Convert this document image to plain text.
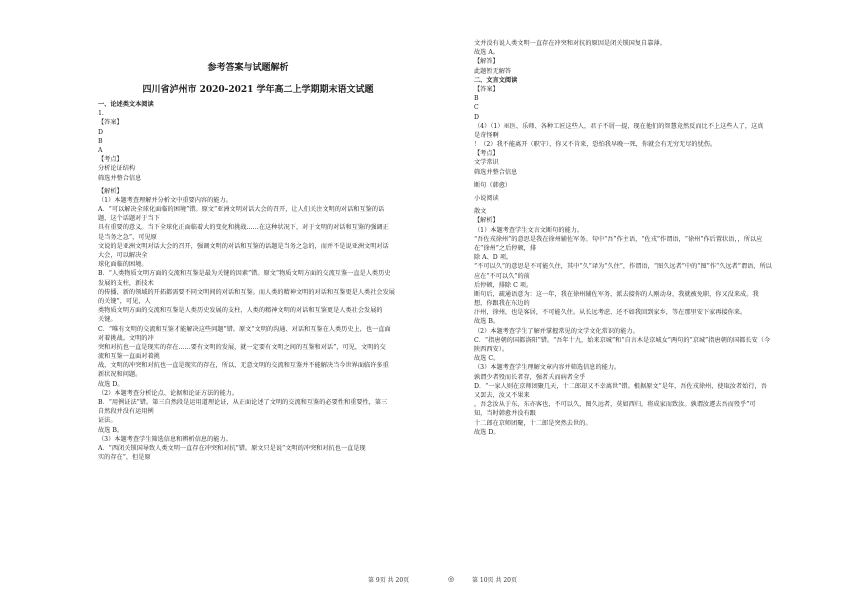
参考答案与试题解析

四川省泸州市 2020-2021 学年高二上学期期末语文试题

一、论述类文本阅读
1.
【答案】
D
B
A
【考点】
分析论证结构
筛选并整合信息
【解析】
（1）本题考查理解并分析文中重要内容的能力。
A．“可以解决全球化面临的困境”错。原文“亚洲文明对话大会的召开，让人们关注文明的对话和互鉴的话
题，这个话题对于当下
具有重要的意义。当下全球化正面临着大的变化和挑战……在这种状况下，对于文明的对话和互鉴的强调正
是当务之急”，可见原
文说的是亚洲文明对话大会的召开，强调文明的对话和互鉴的话题是当务之急的，而并不是说亚洲文明对话
大会，可以解决全
球化面临的困境。
B．“人类物质文明方面的交流和互鉴是最为关键的因素”错。原文“物质文明方面的交流互鉴一直是人类历史
发展的支柱，新技术
的传播、新的领域的开拓都需要不同文明间的对话和互鉴。而人类的精神文明的对话和互鉴更是人类社会发展
的关键”，可见，人
类物质文明方面的交流和互鉴是人类历史发展的支柱，人类的精神文明的对话和互鉴更是人类社会发展的
关键。
C．“唯有文明的交流和互鉴才能解决这些问题”错。原文“文明的沟通、对话和互鉴在人类历史上，也一直面
对着挑战。文明的冲
突和对抗也一直是现实的存在……要有文明的发展，就一定要有文明之间的互鉴和对话”，可见，文明的交
流和互鉴一直面对着挑
战，文明的冲突和对抗也一直是现实的存在，所以，无意文明的交流和互鉴并不能解决当今世界面临许多重
新状况和问题。
故选 D。
（2）本题考查分析论点、论据和论证方法的能力。
B．“用例证法”错。第三自然段是运用道理论证，从正面论述了文明的交流和互鉴的必要性和重要性，第三
自然段并没有运用例
证法。
故选 B。
（3）本题考查学生筛选信息和辨析信息的能力。
A．“西闭关锁国导致人类文明一直存在冲突和对抗”错。原文只是说“文明的冲突和对抗也一直是现
实的存在”，但是原
文并没有说人类文明一直存在冲突和对抗的原因是闭关锁国复自靠薄。
故选 A。
【解答】
此题暂无解答
二、文言文阅读
【答案】
B
C
D
（4）（1）巫医、乐师、各种工匠这些人，君子不屑一提，现在他们的智慧竟然反而比不上这些人了，这真
是奇怪啊
！（2）我不能离开（职守），你又不肯来，恐怕我早晚一死，你就会有无穷无尽的忧伤。
【考点】
文学常识
筛选并整合信息
断句（韩愈）
小说阅读
散文
【解析】
（1）本题考查学生文言文断句的能力。
“吾佐戎徐州”的意思是我在徐州辅佐军务。句中“吾”作主语，“佐戎”作谓语，“徐州”作后置状语，，所以应
在“徐州”之后停顿，排
除 A、D 项。
“不可以久”的意思是不可能久住，其中“久”译为“久住”，作谓语，“图久远者”中的“图”作“久远者”谓语，所以
应在“不可以久”的前
后停顿，排除 C 项。
断句后，疏通语意为：这一年，我在徐州辅佐军务，派去接你的人刚动身，我就被免职，你又没来成。我
想，你跟我在东边的
汴州，徐州，也是客居，不可能久住。从长远考虑，还不如我回到家乡，等在那里安下家再接你来。
故选 B。
（2）本题考查学生了解并掌握常见的文学文化常识的能力。
C．“指唐朝的国都洛阳”错。“吾年十九，始来京城”和“自言木是京城女”两句的“京城”指唐朝的国都长安（今
陕西西安）。
故选 C。
（3）本题考查学生理解文章内容并筛选信息的能力。
孰谓少者殁而长者存，强者夭而病者全乎
D．“一家人则在京师团聚几天，十二郎却又不幸离世”错。根据原文“是年，吾佐戎徐州，使取汝者始行，吾
又罢去，汝又不果来
，吾念汝从于东，东亦客也，不可以久，图久远者，莫如西归，将成家而致汝。孰谓汝遽去吾而殁乎”可
知，当时韩愈并没有跟
十二郎在京师团聚，十二郎是突然去世的。
故选 D。
第 9页 共 20页	◎	第 10页 共 20页
